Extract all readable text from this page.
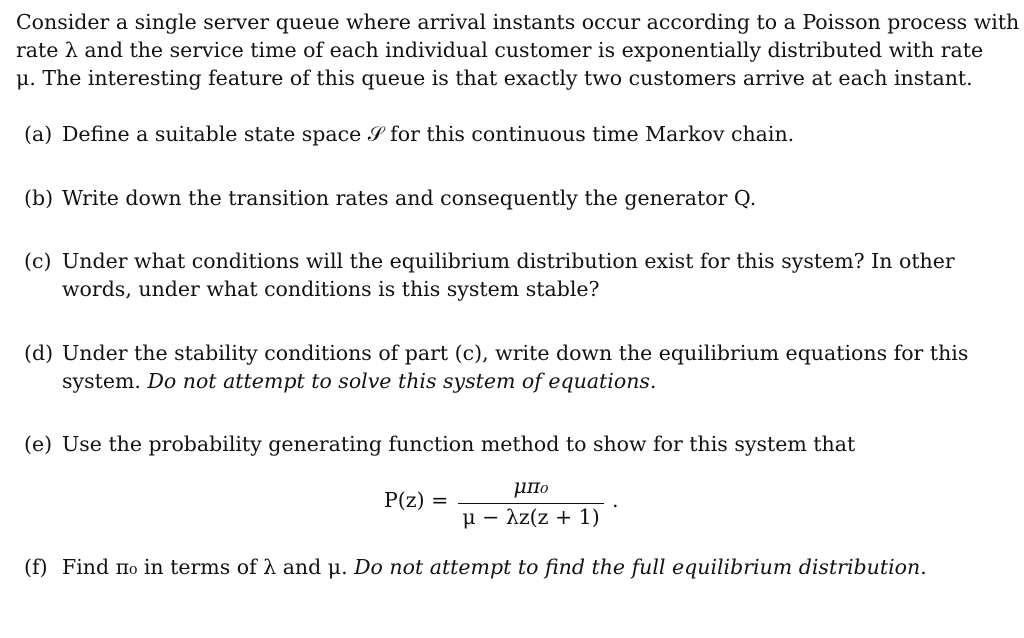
Consider a single server queue where arrival instants occur according to a Poisson process with
rate λ and the service time of each individual customer is exponentially distributed with rate
μ. The interesting feature of this queue is that exactly two customers arrive at each instant.
(a) Define a suitable state space 𝒮 for this continuous time Markov chain.
(b) Write down the transition rates and consequently the generator Q.
(c) Under what conditions will the equilibrium distribution exist for this system? In other
words, under what conditions is this system stable?
(d) Under the stability conditions of part (c), write down the equilibrium equations for this
system. Do not attempt to solve this system of equations.
(e) Use the probability generating function method to show for this system that
P(z) =
μπ₀
μ − λz(z + 1)
.
(f) Find π₀ in terms of λ and μ. Do not attempt to find the full equilibrium distribution.
